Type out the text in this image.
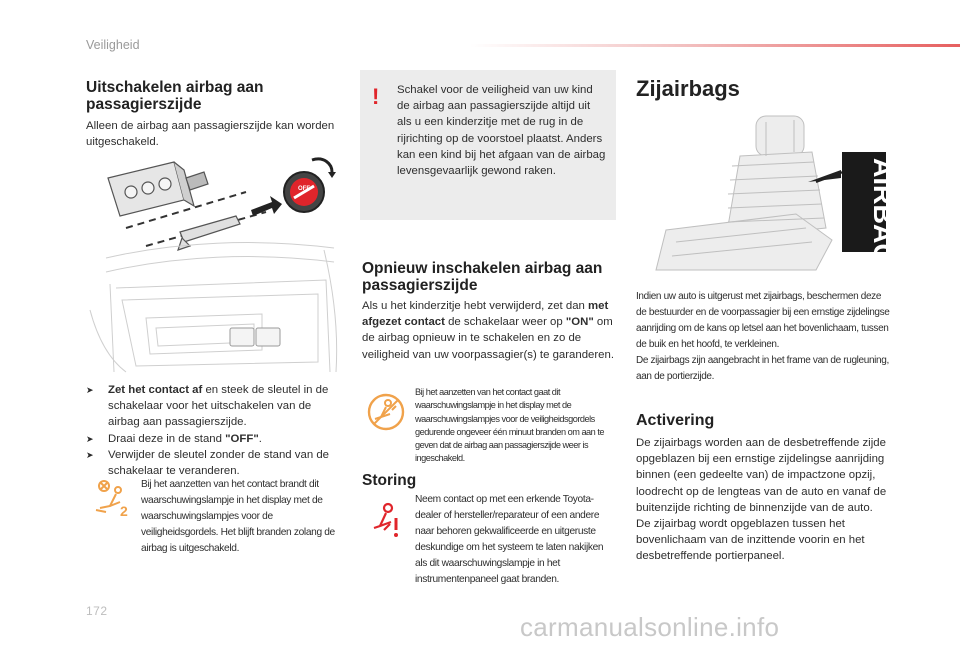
Veiligheid
Uitschakelen airbag aan passagierszijde

Alleen de airbag aan passagierszijde kan worden uitgeschakeld.

OFF
➤	Zet het contact af en steek de sleutel in de schakelaar voor het uitschakelen van de airbag aan passagierszijde.

➤	Draai deze in de stand "OFF".

➤	Verwijder de sleutel zonder de stand van de schakelaar te veranderen.

2

Bij het aanzetten van het contact brandt dit waarschuwingslampje in het display met de waarschuwingslampjes voor de veiligheidsgordels. Het blijft branden zolang de airbag is uitgeschakeld.

! Schakel voor de veiligheid van uw kind de airbag aan passagierszijde altijd uit als u een kinderzitje met de rug in de rijrichting op de voorstoel plaatst. Anders kan een kind bij het afgaan van de airbag levensgevaarlijk gewond raken.

Opnieuw inschakelen airbag aan passagierszijde

Als u het kinderzitje hebt verwijderd, zet dan met afgezet contact de schakelaar weer op "ON" om de airbag opnieuw in te schakelen en zo de veiligheid van uw voorpassagier(s) te garanderen.

Bij het aanzetten van het contact gaat dit waarschuwingslampje in het display met de waarschuwingslampjes voor de veiligheidsgordels gedurende ongeveer één minuut branden om aan te geven dat de airbag aan passagierszijde weer is ingeschakeld.

Storing

Neem contact op met een erkende Toyota-dealer of hersteller/reparateur of een andere naar behoren gekwalificeerde en uitgeruste deskundige om het systeem te laten nakijken als dit waarschuwingslampje in het instrumentenpaneel gaat branden.

Zijairbags
AIRBAG

Indien uw auto is uitgerust met zijairbags, beschermen deze de bestuurder en de voorpassagier bij een ernstige zijdelingse aanrijding om de kans op letsel aan het bovenlichaam, tussen de buik en het hoofd, te verkleinen.
De zijairbags zijn aangebracht in het frame van de rugleuning, aan de portierzijde.

Activering

De zijairbags worden aan de desbetreffende zijde opgeblazen bij een ernstige zijdelingse aanrijding binnen (een gedeelte van) de impactzone opzij, loodrecht op de lengteas van de auto en vanaf de buitenzijde richting de binnenzijde van de auto.
De zijairbag wordt opgeblazen tussen het bovenlichaam van de inzittende voorin en het desbetreffende portierpaneel.

172
carmanualsonline.info
